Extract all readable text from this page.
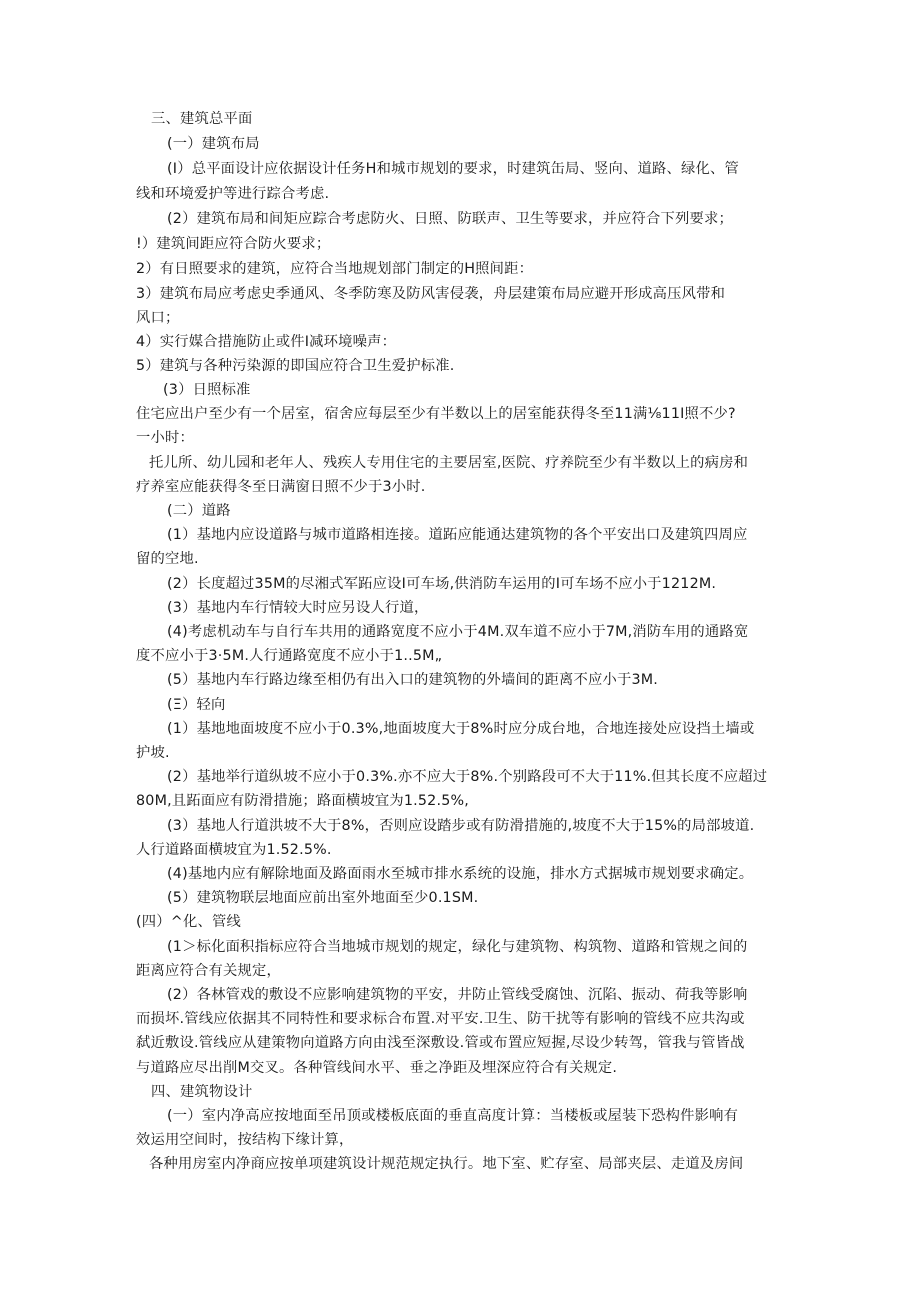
三、建筑总平面
(一）建筑布局
(I）总平面设计应依据设计任务H和城市规划的要求，时建筑缶局、竖向、道路、绿化、管
线和环境爱护等进行踪合考虑.
(2）建筑布局和间矩应踪合考虑防火、日照、防联声、卫生等要求，并应符合下列要求；
!）建筑间距应符合防火要求；
2）有日照要求的建筑，应符合当地规划部门制定的H照间距：
3）建筑布局应考虑史季通风、冬季防寒及防风害侵袭，舟层建策布局应避开形成高压风带和
风口；
4）实行媒合措施防止或件I减环境噪声：
5）建筑与各种污染源的即国应符合卫生爱护标准.
(3）日照标准
住宅应出户至少有一个居室，宿舍应每层至少有半数以上的居室能获得冬至11满⅛11I照不少?
一小时：
托儿所、幼儿园和老年人、残疾人专用住宅的主要居室,医院、疗养院至少有半数以上的病房和
疗养室应能获得冬至日满窗日照不少于3小时.
(二）道路
(1）基地内应设道路与城市道路相连接。道跖应能通达建筑物的各个平安出口及建筑四周应
留的空地.
(2）长度超过35M的尽湘式军跖应设I可车场,供消防车运用的I可车场不应小于1212M.
(3）基地内车行情较大时应另设人行道，
(4)考虑机动车与自行车共用的通路宽度不应小于4M.双车道不应小于7M,消防车用的通路宽
度不应小于3·5M.人行通路宽度不应小于1..5M„
(5）基地内车行路边缘至相仍有出入口的建筑物的外墙间的距离不应小于3M.
(Ξ）轻向
(1）基地地面坡度不应小于0.3%,地面坡度大于8%时应分成台地，合地连接处应设挡土墙或
护坡.
(2）基地举行道纵坡不应小于0.3%.亦不应大于8%.个别路段可不大于11%.但其长度不应超过
80M,且跖面应有防滑措施；路面横坡宜为1.52.5%,
(3）基地人行道洪坡不大于8%，否则应设踏步或有防滑措施的,坡度不大于15%的局部坡道.
人行道路面横坡宜为1.52.5%.
(4)基地内应有解除地面及路面雨水至城市排水系统的设施，排水方式据城市规划要求确定。
(5）建筑物联层地面应前出室外地面至少0.1SM.
(四）^化、管线
(1＞标化面积指标应符合当地城市规划的规定，绿化与建筑物、构筑物、道路和管规之间的
距离应符合有关规定，
(2）各林管戏的敷设不应影响建筑物的平安，井防止管线受腐蚀、沉陷、振动、荷我等影响
而损坏.管线应依据其不同特性和要求标合布置.对平安.卫生、防干扰等有影响的管线不应共沟或
弑近敷设.管线应从建策物向道路方向由浅至深敷设.管或布置应短握,尽设少转驾，管我与管皆战
与道路应尽出削M交叉。各种管线间水平、垂之净距及埋深应符合有关规定.
四、建筑物设计
(一）室内净高应按地面至吊顶或楼板底面的垂直高度计算：当楼板或屋装下恐构件影响有
效运用空间时，按结构下缘计算，
各种用房室内净商应按单项建筑设计规范规定执行。地下室、贮存室、局部夹层、走道及房间
